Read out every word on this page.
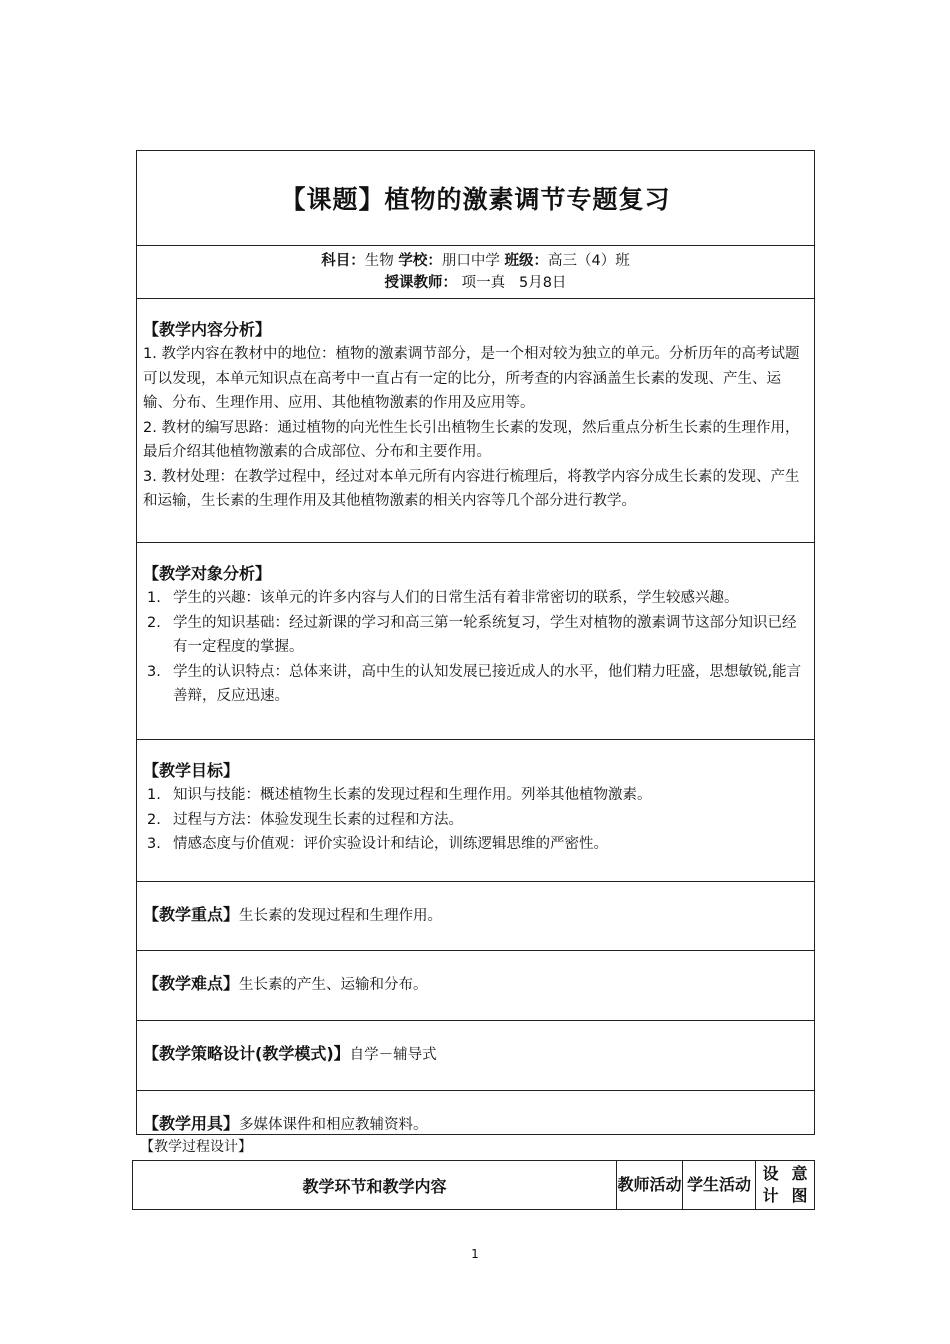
【课题】植物的激素调节专题复习
科目：生物 学校：朋口中学 班级：高三（4）班
授课教师： 项一真 5月8日
【教学内容分析】

1. 教学内容在教材中的地位：植物的激素调节部分，是一个相对较为独立的单元。分析历年的高考试题可以发现，本单元知识点在高考中一直占有一定的比分，所考查的内容涵盖生长素的发现、产生、运输、分布、生理作用、应用、其他植物激素的作用及应用等。

2. 教材的编写思路：通过植物的向光性生长引出植物生长素的发现，然后重点分析生长素的生理作用，最后介绍其他植物激素的合成部位、分布和主要作用。

3. 教材处理：在教学过程中，经过对本单元所有内容进行梳理后，将教学内容分成生长素的发现、产生和运输，生长素的生理作用及其他植物激素的相关内容等几个部分进行教学。

【教学对象分析】
1. 学生的兴趣：该单元的许多内容与人们的日常生活有着非常密切的联系，学生较感兴趣。
2. 学生的知识基础：经过新课的学习和高三第一轮系统复习，学生对植物的激素调节这部分知识已经有一定程度的掌握。
3. 学生的认识特点：总体来讲，高中生的认知发展已接近成人的水平，他们精力旺盛，思想敏锐,能言善辩，反应迅速。
【教学目标】
1. 知识与技能：概述植物生长素的发现过程和生理作用。列举其他植物激素。
2. 过程与方法：体验发现生长素的过程和方法。
3. 情感态度与价值观：评价实验设计和结论，训练逻辑思维的严密性。
【教学重点】生长素的发现过程和生理作用。
【教学难点】生长素的产生、运输和分布。
【教学策略设计(教学模式)】自学－辅导式
【教学用具】多媒体课件和相应教辅资料。
【教学过程设计】
教学环节和教学内容	教师 活动 学生 活动
设计

意图
1
